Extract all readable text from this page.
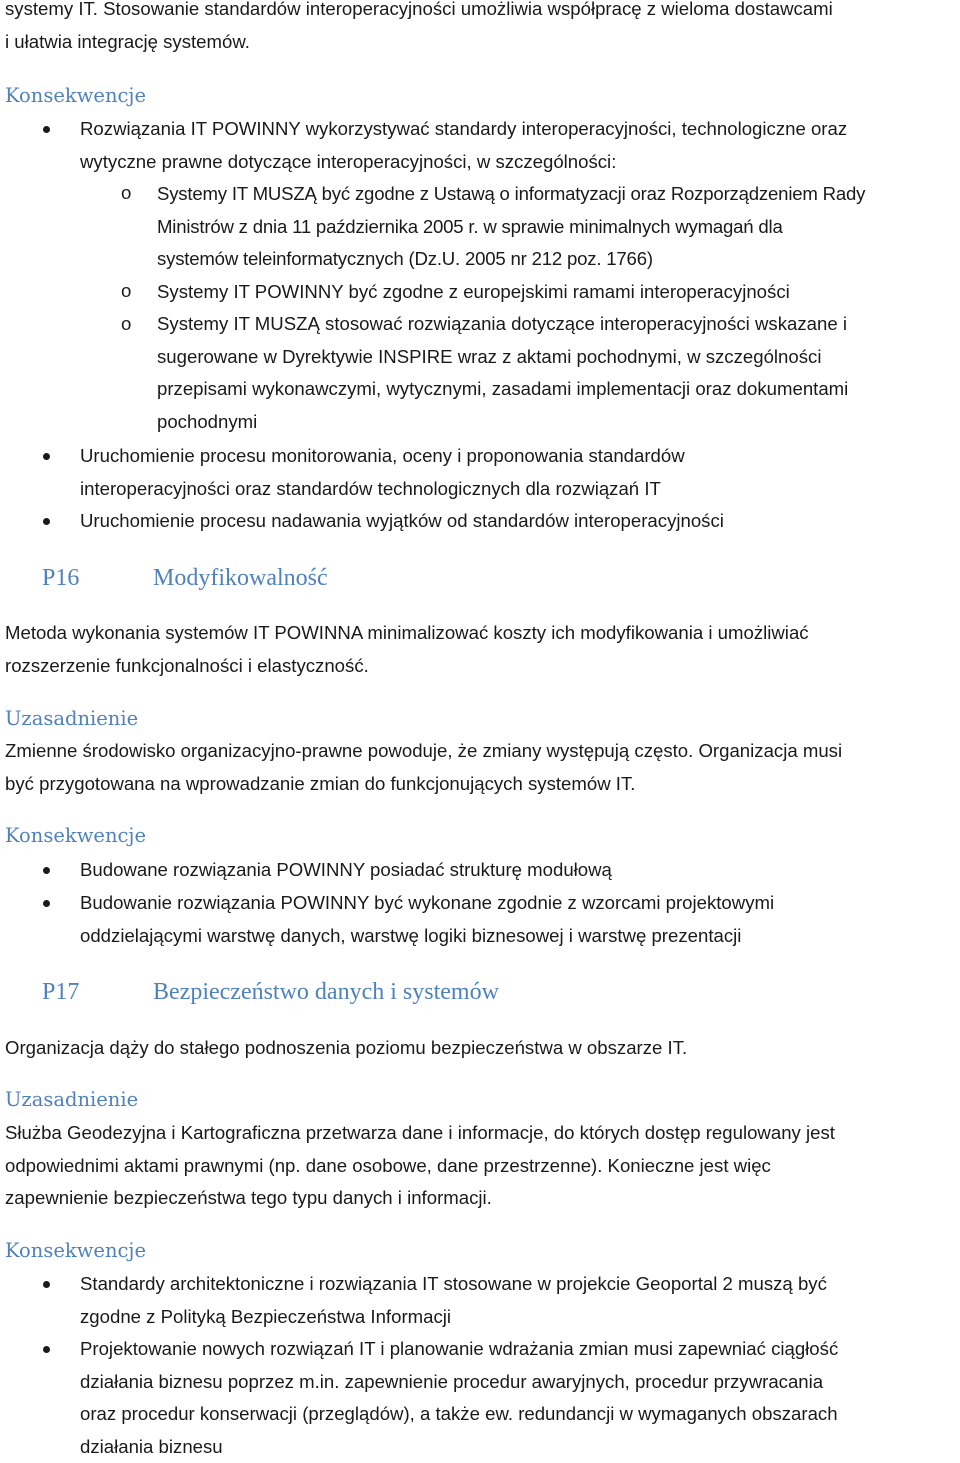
systemy IT. Stosowanie standardów interoperacyjności umożliwia współpracę z wieloma dostawcami
i ułatwia integrację systemów.
Konsekwencje
Rozwiązania IT POWINNY wykorzystywać standardy interoperacyjności, technologiczne oraz
wytyczne prawne dotyczące interoperacyjności, w szczególności:
o Systemy IT MUSZĄ być zgodne z Ustawą o informatyzacji oraz Rozporządzeniem Rady
Ministrów z dnia 11 października 2005 r. w sprawie minimalnych wymagań dla
systemów teleinformatycznych (Dz.U. 2005 nr 212 poz. 1766)
o Systemy IT POWINNY być zgodne z europejskimi ramami interoperacyjności
o Systemy IT MUSZĄ stosować rozwiązania dotyczące interoperacyjności wskazane i
sugerowane w Dyrektywie INSPIRE wraz z aktami pochodnymi, w szczególności
przepisami wykonawczymi, wytycznymi, zasadami implementacji oraz dokumentami
pochodnymi
Uruchomienie procesu monitorowania, oceny i proponowania standardów
interoperacyjności oraz standardów technologicznych dla rozwiązań IT
Uruchomienie procesu nadawania wyjątków od standardów interoperacyjności
P16	Modyfikowalność
Metoda wykonania systemów IT POWINNA minimalizować koszty ich modyfikowania i umożliwiać
rozszerzenie funkcjonalności i elastyczność.
Uzasadnienie
Zmienne środowisko organizacyjno-prawne powoduje, że zmiany występują często. Organizacja musi
być przygotowana na wprowadzanie zmian do funkcjonujących systemów IT.
Konsekwencje
Budowane rozwiązania POWINNY posiadać strukturę modułową
Budowanie rozwiązania POWINNY być wykonane zgodnie z wzorcami projektowymi
oddzielającymi warstwę danych, warstwę logiki biznesowej i warstwę prezentacji
P17	Bezpieczeństwo danych i systemów
Organizacja dąży do stałego podnoszenia poziomu bezpieczeństwa w obszarze IT.
Uzasadnienie
Służba Geodezyjna i Kartograficzna przetwarza dane i informacje, do których dostęp regulowany jest
odpowiednimi aktami prawnymi (np. dane osobowe, dane przestrzenne). Konieczne jest więc
zapewnienie bezpieczeństwa tego typu danych i informacji.
Konsekwencje
Standardy architektoniczne i rozwiązania IT stosowane w projekcie Geoportal 2 muszą być
zgodne z Polityką Bezpieczeństwa Informacji
Projektowanie nowych rozwiązań IT i planowanie wdrażania zmian musi zapewniać ciągłość
działania biznesu poprzez m.in. zapewnienie procedur awaryjnych, procedur przywracania
oraz procedur konserwacji (przeglądów), a także ew. redundancji w wymaganych obszarach
działania biznesu
